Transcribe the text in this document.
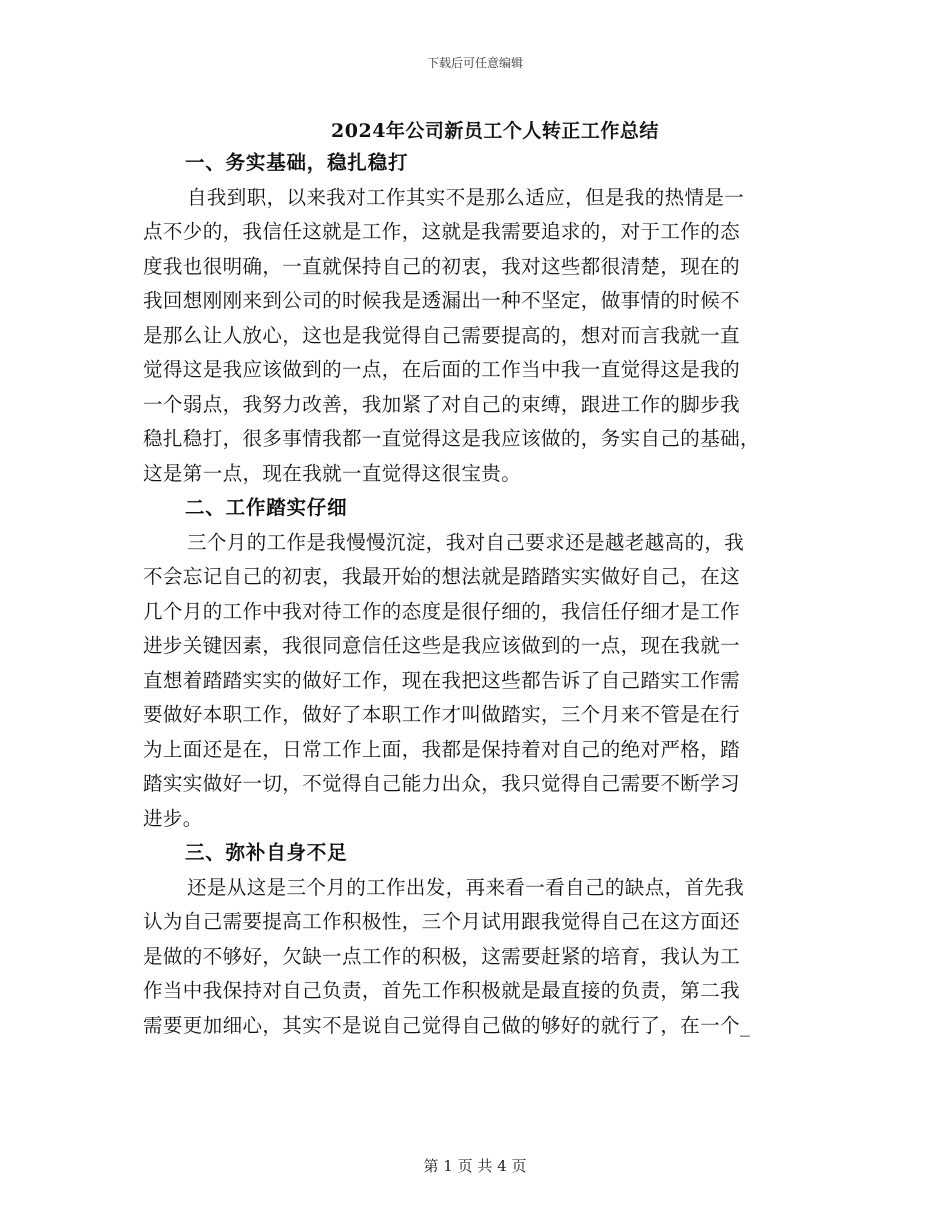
下载后可任意编辑
2024年公司新员工个人转正工作总结
一、务实基础，稳扎稳打
自我到职，以来我对工作其实不是那么适应，但是我的热情是一
点不少的，我信任这就是工作，这就是我需要追求的，对于工作的态
度我也很明确，一直就保持自己的初衷，我对这些都很清楚，现在的
我回想刚刚来到公司的时候我是透漏出一种不坚定，做事情的时候不
是那么让人放心，这也是我觉得自己需要提高的，想对而言我就一直
觉得这是我应该做到的一点，在后面的工作当中我一直觉得这是我的
一个弱点，我努力改善，我加紧了对自己的束缚，跟进工作的脚步我
稳扎稳打，很多事情我都一直觉得这是我应该做的，务实自己的基础，
这是第一点，现在我就一直觉得这很宝贵。
二、工作踏实仔细
三个月的工作是我慢慢沉淀，我对自己要求还是越老越高的，我
不会忘记自己的初衷，我最开始的想法就是踏踏实实做好自己，在这
几个月的工作中我对待工作的态度是很仔细的，我信任仔细才是工作
进步关键因素，我很同意信任这些是我应该做到的一点，现在我就一
直想着踏踏实实的做好工作，现在我把这些都告诉了自己踏实工作需
要做好本职工作，做好了本职工作才叫做踏实，三个月来不管是在行
为上面还是在，日常工作上面，我都是保持着对自己的绝对严格，踏
踏实实做好一切，不觉得自己能力出众，我只觉得自己需要不断学习
进步。
三、弥补自身不足
还是从这是三个月的工作出发，再来看一看自己的缺点，首先我
认为自己需要提高工作积极性，三个月试用跟我觉得自己在这方面还
是做的不够好，欠缺一点工作的积极，这需要赶紧的培育，我认为工
作当中我保持对自己负责，首先工作积极就是最直接的负责，第二我
需要更加细心，其实不是说自己觉得自己做的够好的就行了，在一个_
第 1 页 共 4 页
